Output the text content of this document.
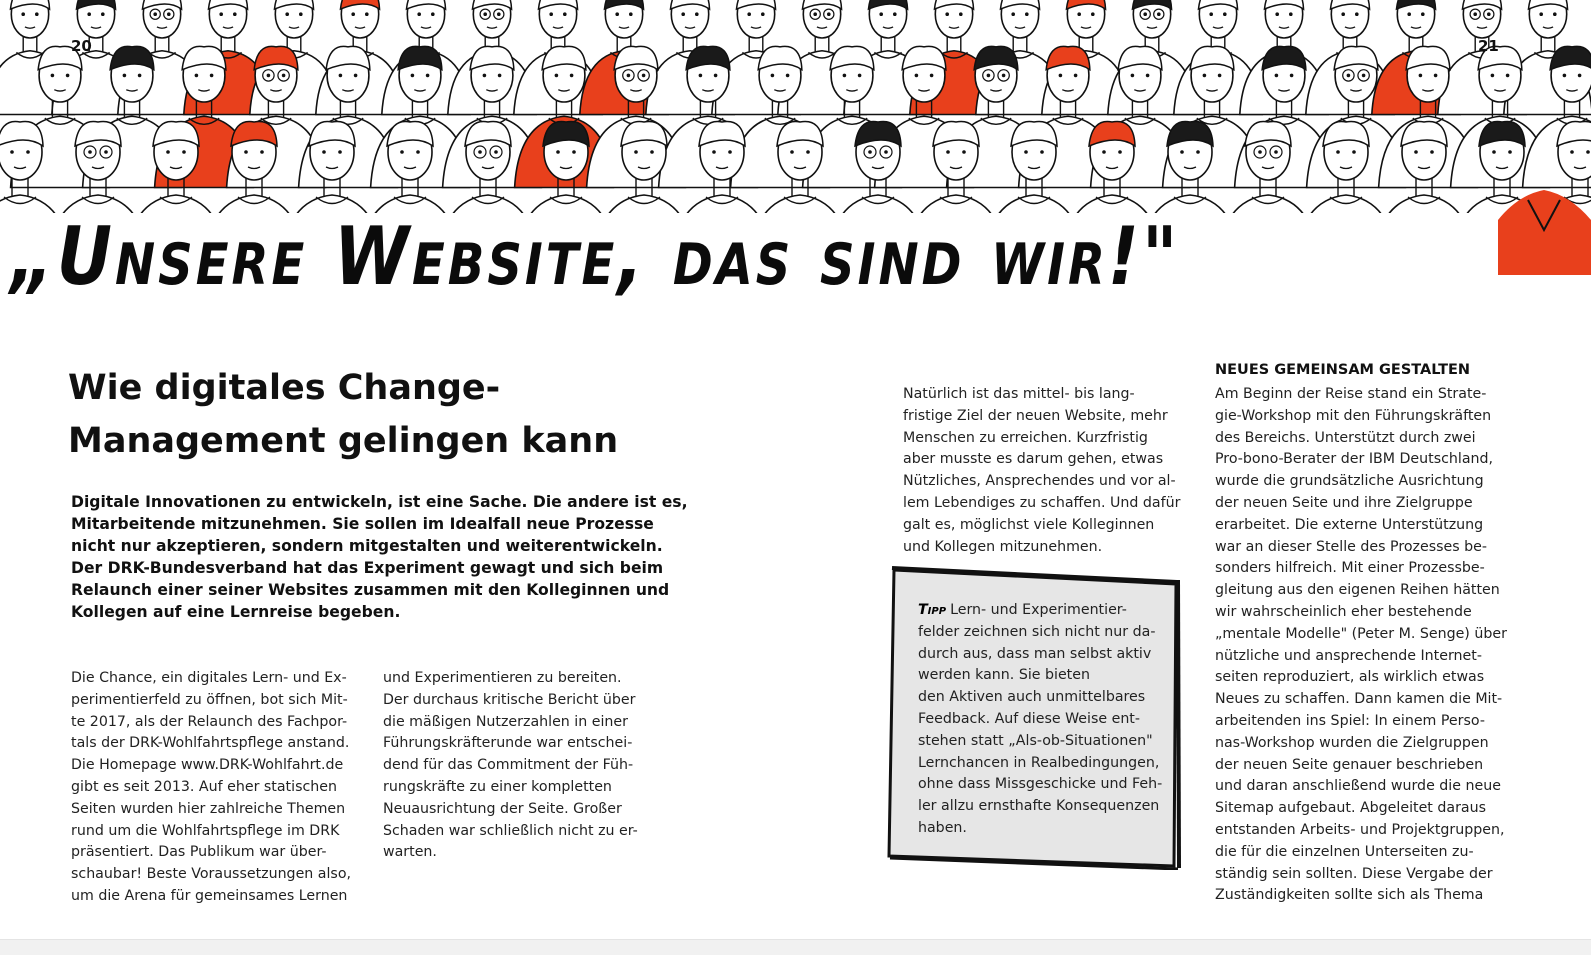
20	21
„Unsere Website, das sind wir!"
Wie digitales Change-
Management gelingen kann
Digitale Innovationen zu entwickeln, ist eine Sache. Die andere ist es,
Mitarbeitende mitzunehmen. Sie sollen im Idealfall neue Prozesse
nicht nur akzeptieren, sondern mitgestalten und weiterentwickeln.
Der DRK-Bundesverband hat das Experiment gewagt und sich beim
Relaunch einer seiner Websites zusammen mit den Kolleginnen und
Kollegen auf eine Lernreise begeben.
Die Chance, ein digitales Lern- und Ex-
perimentierfeld zu öffnen, bot sich Mit-
te 2017, als der Relaunch des Fachpor-
tals der DRK-Wohlfahrtspflege anstand.
Die Homepage www.DRK-Wohlfahrt.de
gibt es seit 2013. Auf eher statischen
Seiten wurden hier zahlreiche Themen
rund um die Wohlfahrtspflege im DRK
präsentiert. Das Publikum war über-
schaubar! Beste Voraussetzungen also,
um die Arena für gemeinsames Lernen
und Experimentieren zu bereiten.
Der durchaus kritische Bericht über
die mäßigen Nutzerzahlen in einer
Führungskräfterunde war entschei-
dend für das Commitment der Füh-
rungskräfte zu einer kompletten
Neuausrichtung der Seite. Großer
Schaden war schließlich nicht zu er-
warten.
Natürlich ist das mittel- bis lang-
fristige Ziel der neuen Website, mehr
Menschen zu erreichen. Kurzfristig
aber musste es darum gehen, etwas
Nützliches, Ansprechendes und vor al-
lem Lebendiges zu schaffen. Und dafür
galt es, möglichst viele Kolleginnen
und Kollegen mitzunehmen.
Tipp Lern- und Experimentier-
felder zeichnen sich nicht nur da-
durch aus, dass man selbst aktiv
werden kann. Sie bieten
den Aktiven auch unmittelbares
Feedback. Auf diese Weise ent-
stehen statt „Als-ob-Situationen"
Lernchancen in Realbedingungen,
ohne dass Missgeschicke und Feh-
ler allzu ernsthafte Konsequenzen
haben.
NEUES GEMEINSAM GESTALTEN
Am Beginn der Reise stand ein Strate-
gie-Workshop mit den Führungskräften
des Bereichs. Unterstützt durch zwei
Pro-bono-Berater der IBM Deutschland,
wurde die grundsätzliche Ausrichtung
der neuen Seite und ihre Zielgruppe
erarbeitet. Die externe Unterstützung
war an dieser Stelle des Prozesses be-
sonders hilfreich. Mit einer Prozessbe-
gleitung aus den eigenen Reihen hätten
wir wahrscheinlich eher bestehende
„mentale Modelle" (Peter M. Senge) über
nützliche und ansprechende Internet-
seiten reproduziert, als wirklich etwas
Neues zu schaffen. Dann kamen die Mit-
arbeitenden ins Spiel: In einem Perso-
nas-Workshop wurden die Zielgruppen
der neuen Seite genauer beschrieben
und daran anschließend wurde die neue
Sitemap aufgebaut. Abgeleitet daraus
entstanden Arbeits- und Projektgruppen,
die für die einzelnen Unterseiten zu-
ständig sein sollten. Diese Vergabe der
Zuständigkeiten sollte sich als Thema
